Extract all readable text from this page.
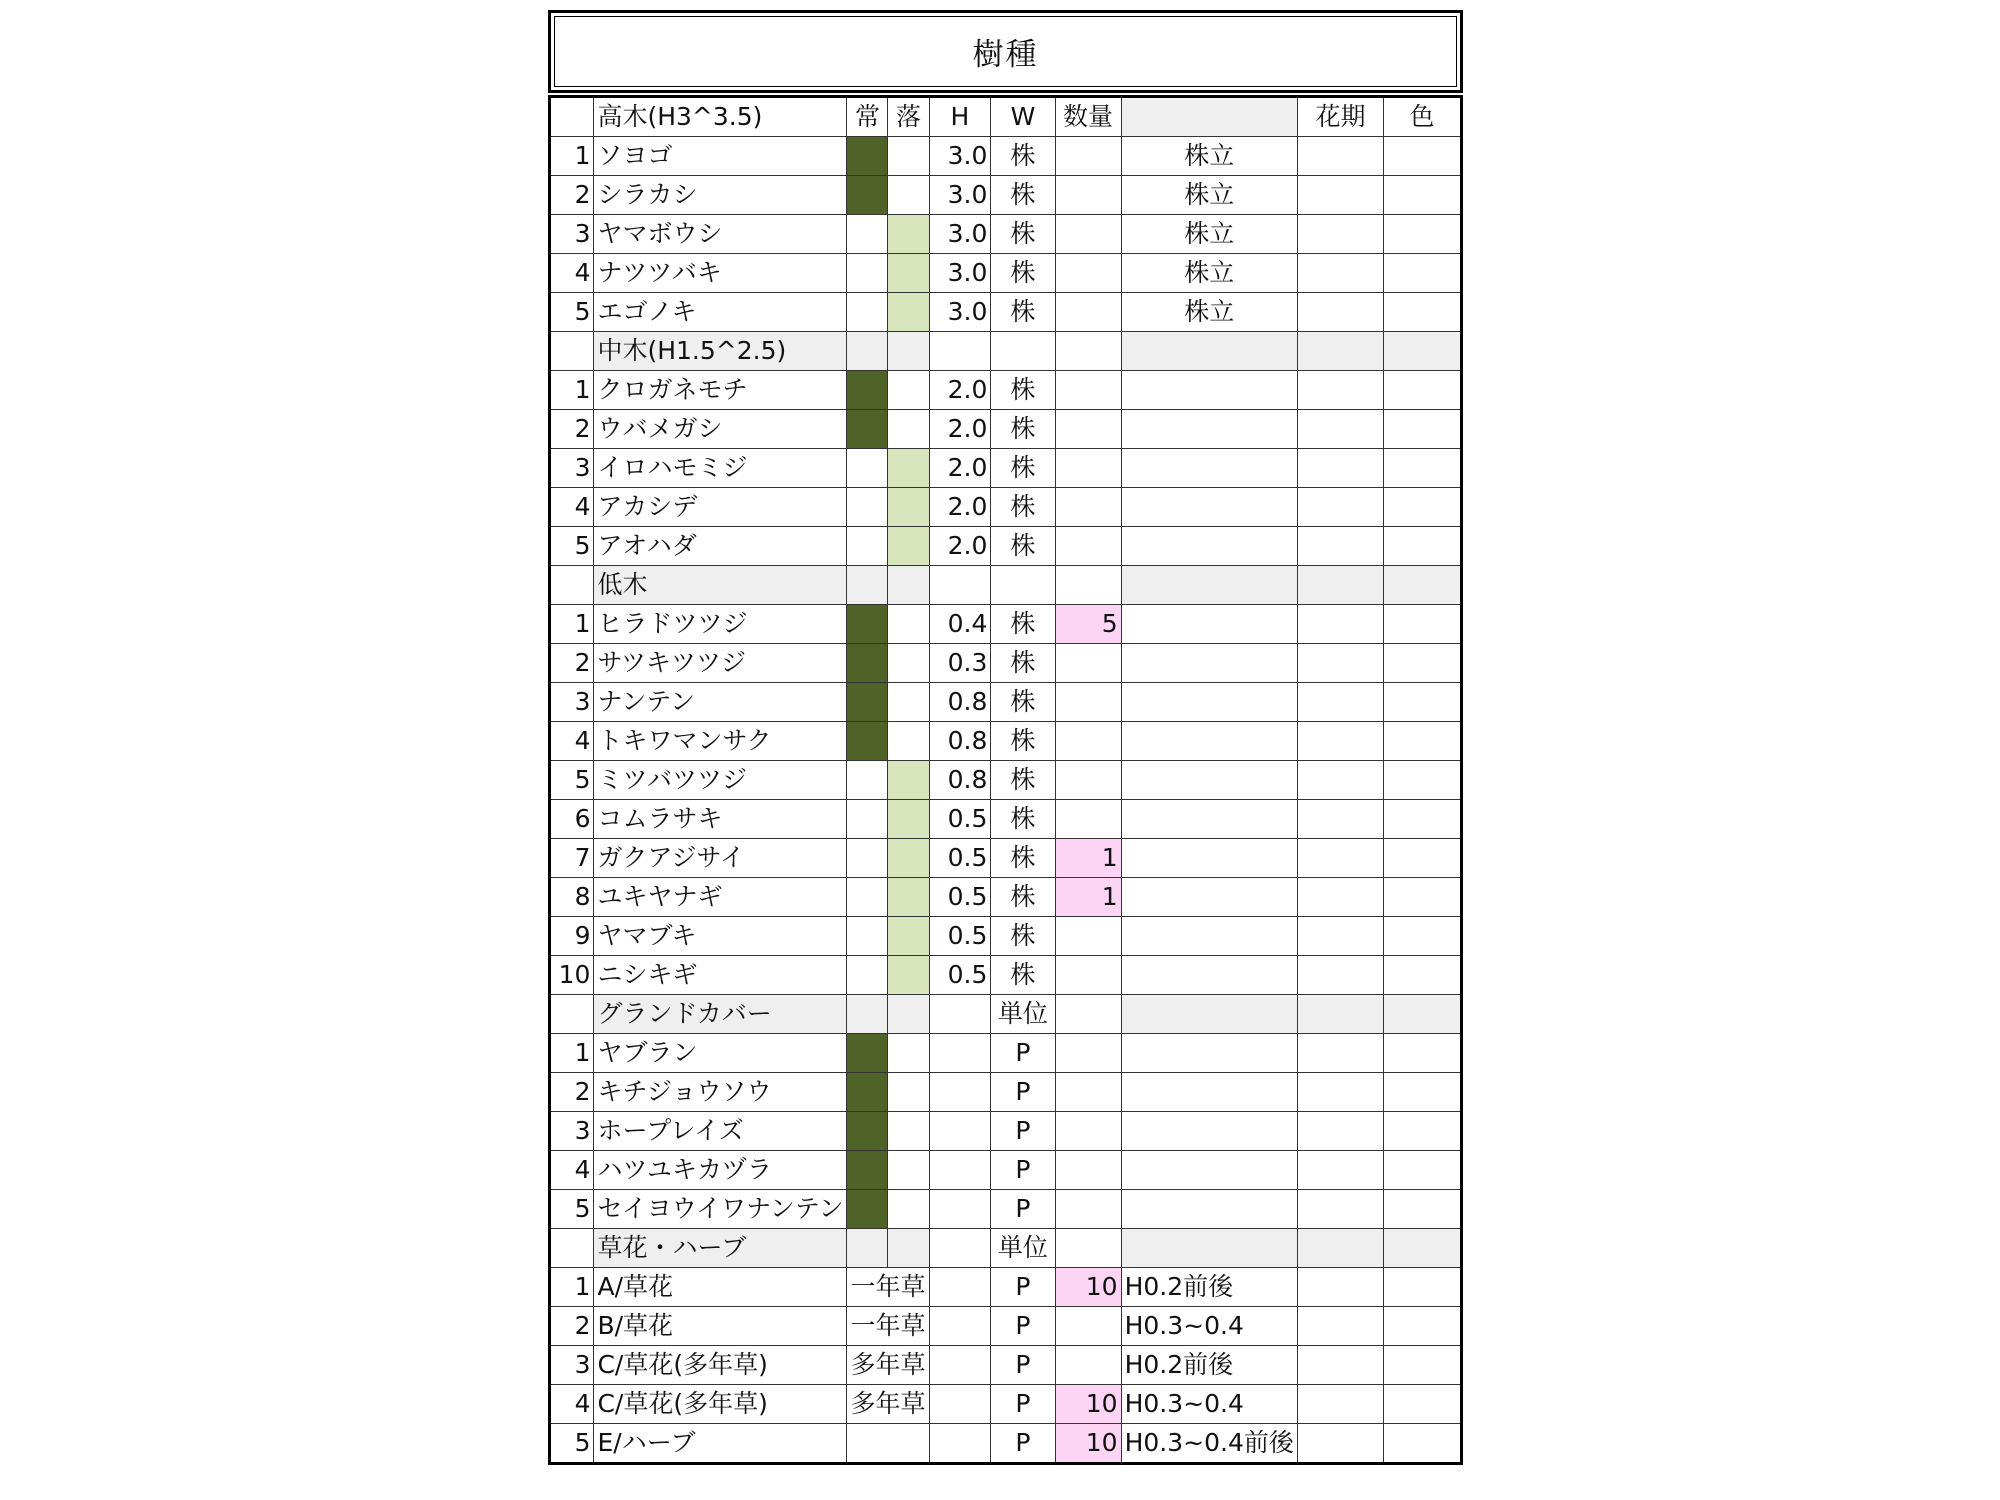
樹種
	高木(H3^3.5)	常	落	H	W	数量		花期	色
1	ソヨゴ			3.0	株		株立		
2	シラカシ			3.0	株		株立		
3	ヤマボウシ			3.0	株		株立		
4	ナツツバキ			3.0	株		株立		
5	エゴノキ			3.0	株		株立		
	中木(H1.5^2.5)								
1	クロガネモチ			2.0	株				
2	ウバメガシ			2.0	株				
3	イロハモミジ			2.0	株				
4	アカシデ			2.0	株				
5	アオハダ			2.0	株				
	低木								
1	ヒラドツツジ			0.4	株	5			
2	サツキツツジ			0.3	株				
3	ナンテン			0.8	株				
4	トキワマンサク			0.8	株				
5	ミツバツツジ			0.8	株				
6	コムラサキ			0.5	株				
7	ガクアジサイ			0.5	株	1			
8	ユキヤナギ			0.5	株	1			
9	ヤマブキ			0.5	株				
10	ニシキギ			0.5	株				
	グランドカバー				単位				
1	ヤブラン				P				
2	キチジョウソウ				P				
3	ホープレイズ				P				
4	ハツユキカヅラ				P				
5	セイヨウイワナンテン				P				
	草花・ハーブ				単位				
1	A/草花	一年草			P	10	H0.2前後		
2	B/草花	一年草			P		H0.3~0.4		
3	C/草花(多年草)	多年草			P		H0.2前後		
4	C/草花(多年草)	多年草			P	10	H0.3~0.4		
5	E/ハーブ				P	10	H0.3~0.4前後		
